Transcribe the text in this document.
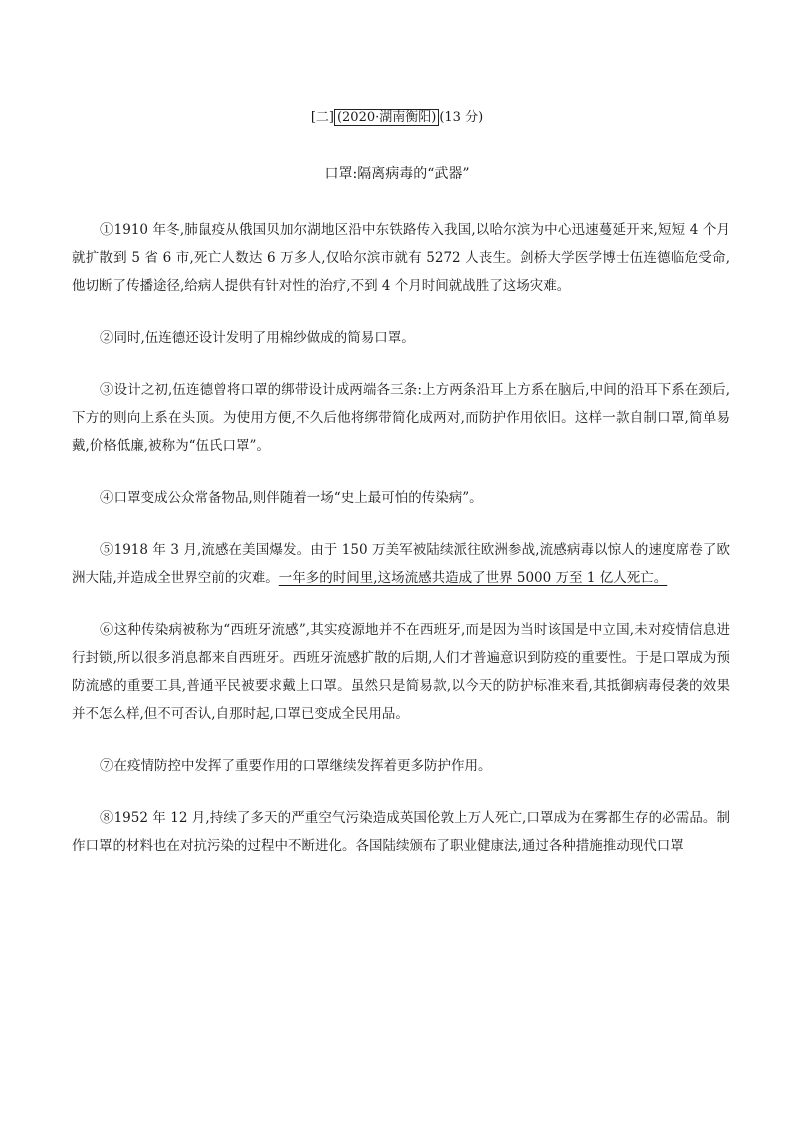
[二] (2020·湖南衡阳) (13 分)
口罩:隔离病毒的“武器”

①1910 年冬,肺鼠疫从俄国贝加尔湖地区沿中东铁路传入我国,以哈尔滨为中心迅速蔓延开来,短短 4 个月就扩散到 5 省 6 市,死亡人数达 6 万多人,仅哈尔滨市就有 5272 人丧生。剑桥大学医学博士伍连德临危受命,他切断了传播途径,给病人提供有针对性的治疗,不到 4 个月时间就战胜了这场灾难。

②同时,伍连德还设计发明了用棉纱做成的简易口罩。

③设计之初,伍连德曾将口罩的绑带设计成两端各三条:上方两条沿耳上方系在脑后,中间的沿耳下系在颈后,下方的则向上系在头顶。为使用方便,不久后他将绑带简化成两对,而防护作用依旧。这样一款自制口罩,简单易戴,价格低廉,被称为“伍氏口罩”。

④口罩变成公众常备物品,则伴随着一场“史上最可怕的传染病”。

⑤1918 年 3 月,流感在美国爆发。由于 150 万美军被陆续派往欧洲参战,流感病毒以惊人的速度席卷了欧洲大陆,并造成全世界空前的灾难。一年多的时间里,这场流感共造成了世界 5000 万至 1 亿人死亡。

⑥这种传染病被称为“西班牙流感”,其实疫源地并不在西班牙,而是因为当时该国是中立国,未对疫情信息进行封锁,所以很多消息都来自西班牙。西班牙流感扩散的后期,人们才普遍意识到防疫的重要性。于是口罩成为预防流感的重要工具,普通平民被要求戴上口罩。虽然只是简易款,以今天的防护标准来看,其抵御病毒侵袭的效果并不怎么样,但不可否认,自那时起,口罩已变成全民用品。

⑦在疫情防控中发挥了重要作用的口罩继续发挥着更多防护作用。

⑧1952 年 12 月,持续了多天的严重空气污染造成英国伦敦上万人死亡,口罩成为在雾都生存的必需品。制作口罩的材料也在对抗污染的过程中不断进化。各国陆续颁布了职业健康法,通过各种措施推动现代口罩
